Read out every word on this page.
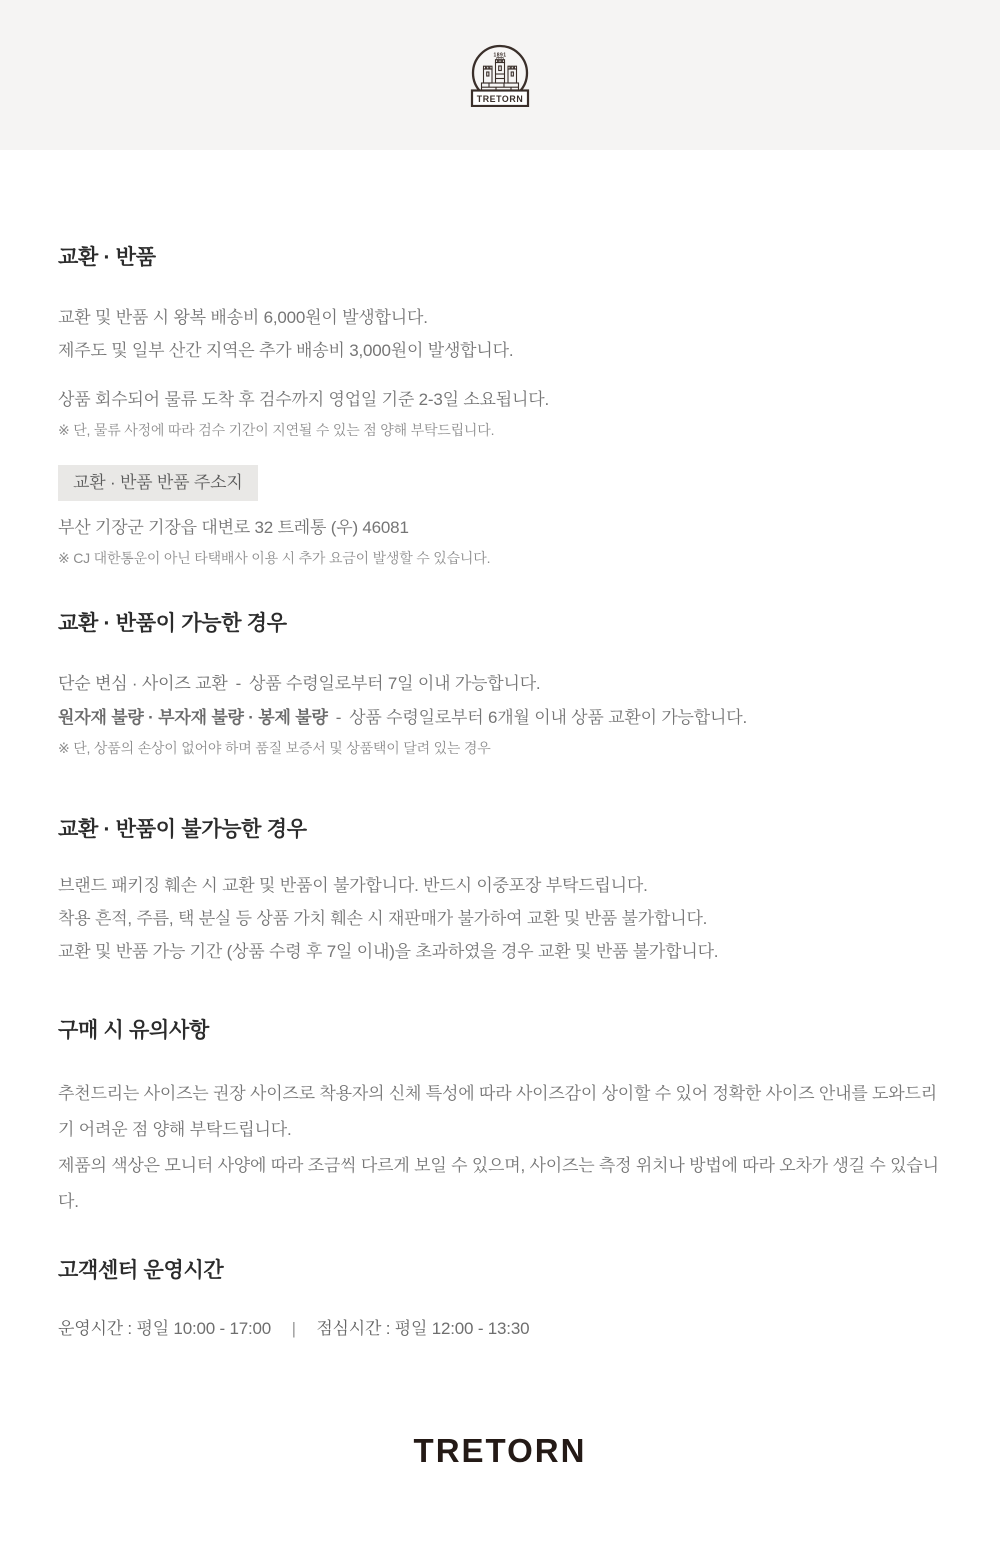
1891
TRETORN
교환 · 반품

교환 및 반품 시 왕복 배송비 6,000원이 발생합니다.
제주도 및 일부 산간 지역은 추가 배송비 3,000원이 발생합니다.

상품 회수되어 물류 도착 후 검수까지 영업일 기준 2-3일 소요됩니다.

※ 단, 물류 사정에 따라 검수 기간이 지연될 수 있는 점 양해 부탁드립니다.

교환 · 반품 반품 주소지

부산 기장군 기장읍 대변로 32 트레통 (우) 46081

※ CJ 대한통운이 아닌 타택배사 이용 시 추가 요금이 발생할 수 있습니다.

교환 · 반품이 가능한 경우

단순 변심 · 사이즈 교환 - 상품 수령일로부터 7일 이내 가능합니다.
원자재 불량 · 부자재 불량 · 봉제 불량 - 상품 수령일로부터 6개월 이내 상품 교환이 가능합니다.

※ 단, 상품의 손상이 없어야 하며 품질 보증서 및 상품택이 달려 있는 경우

교환 · 반품이 불가능한 경우

브랜드 패키징 훼손 시 교환 및 반품이 불가합니다. 반드시 이중포장 부탁드립니다.
착용 흔적, 주름, 택 분실 등 상품 가치 훼손 시 재판매가 불가하여 교환 및 반품 불가합니다.
교환 및 반품 가능 기간 (상품 수령 후 7일 이내)을 초과하였을 경우 교환 및 반품 불가합니다.

구매 시 유의사항

추천드리는 사이즈는 권장 사이즈로 착용자의 신체 특성에 따라 사이즈감이 상이할 수 있어 정확한 사이즈 안내를 도와드리기 어려운 점 양해 부탁드립니다.
제품의 색상은 모니터 사양에 따라 조금씩 다르게 보일 수 있으며, 사이즈는 측정 위치나 방법에 따라 오차가 생길 수 있습니다.

고객센터 운영시간

운영시간 : 평일 10:00 - 17:00 | 점심시간 : 평일 12:00 - 13:30

TRETORN
